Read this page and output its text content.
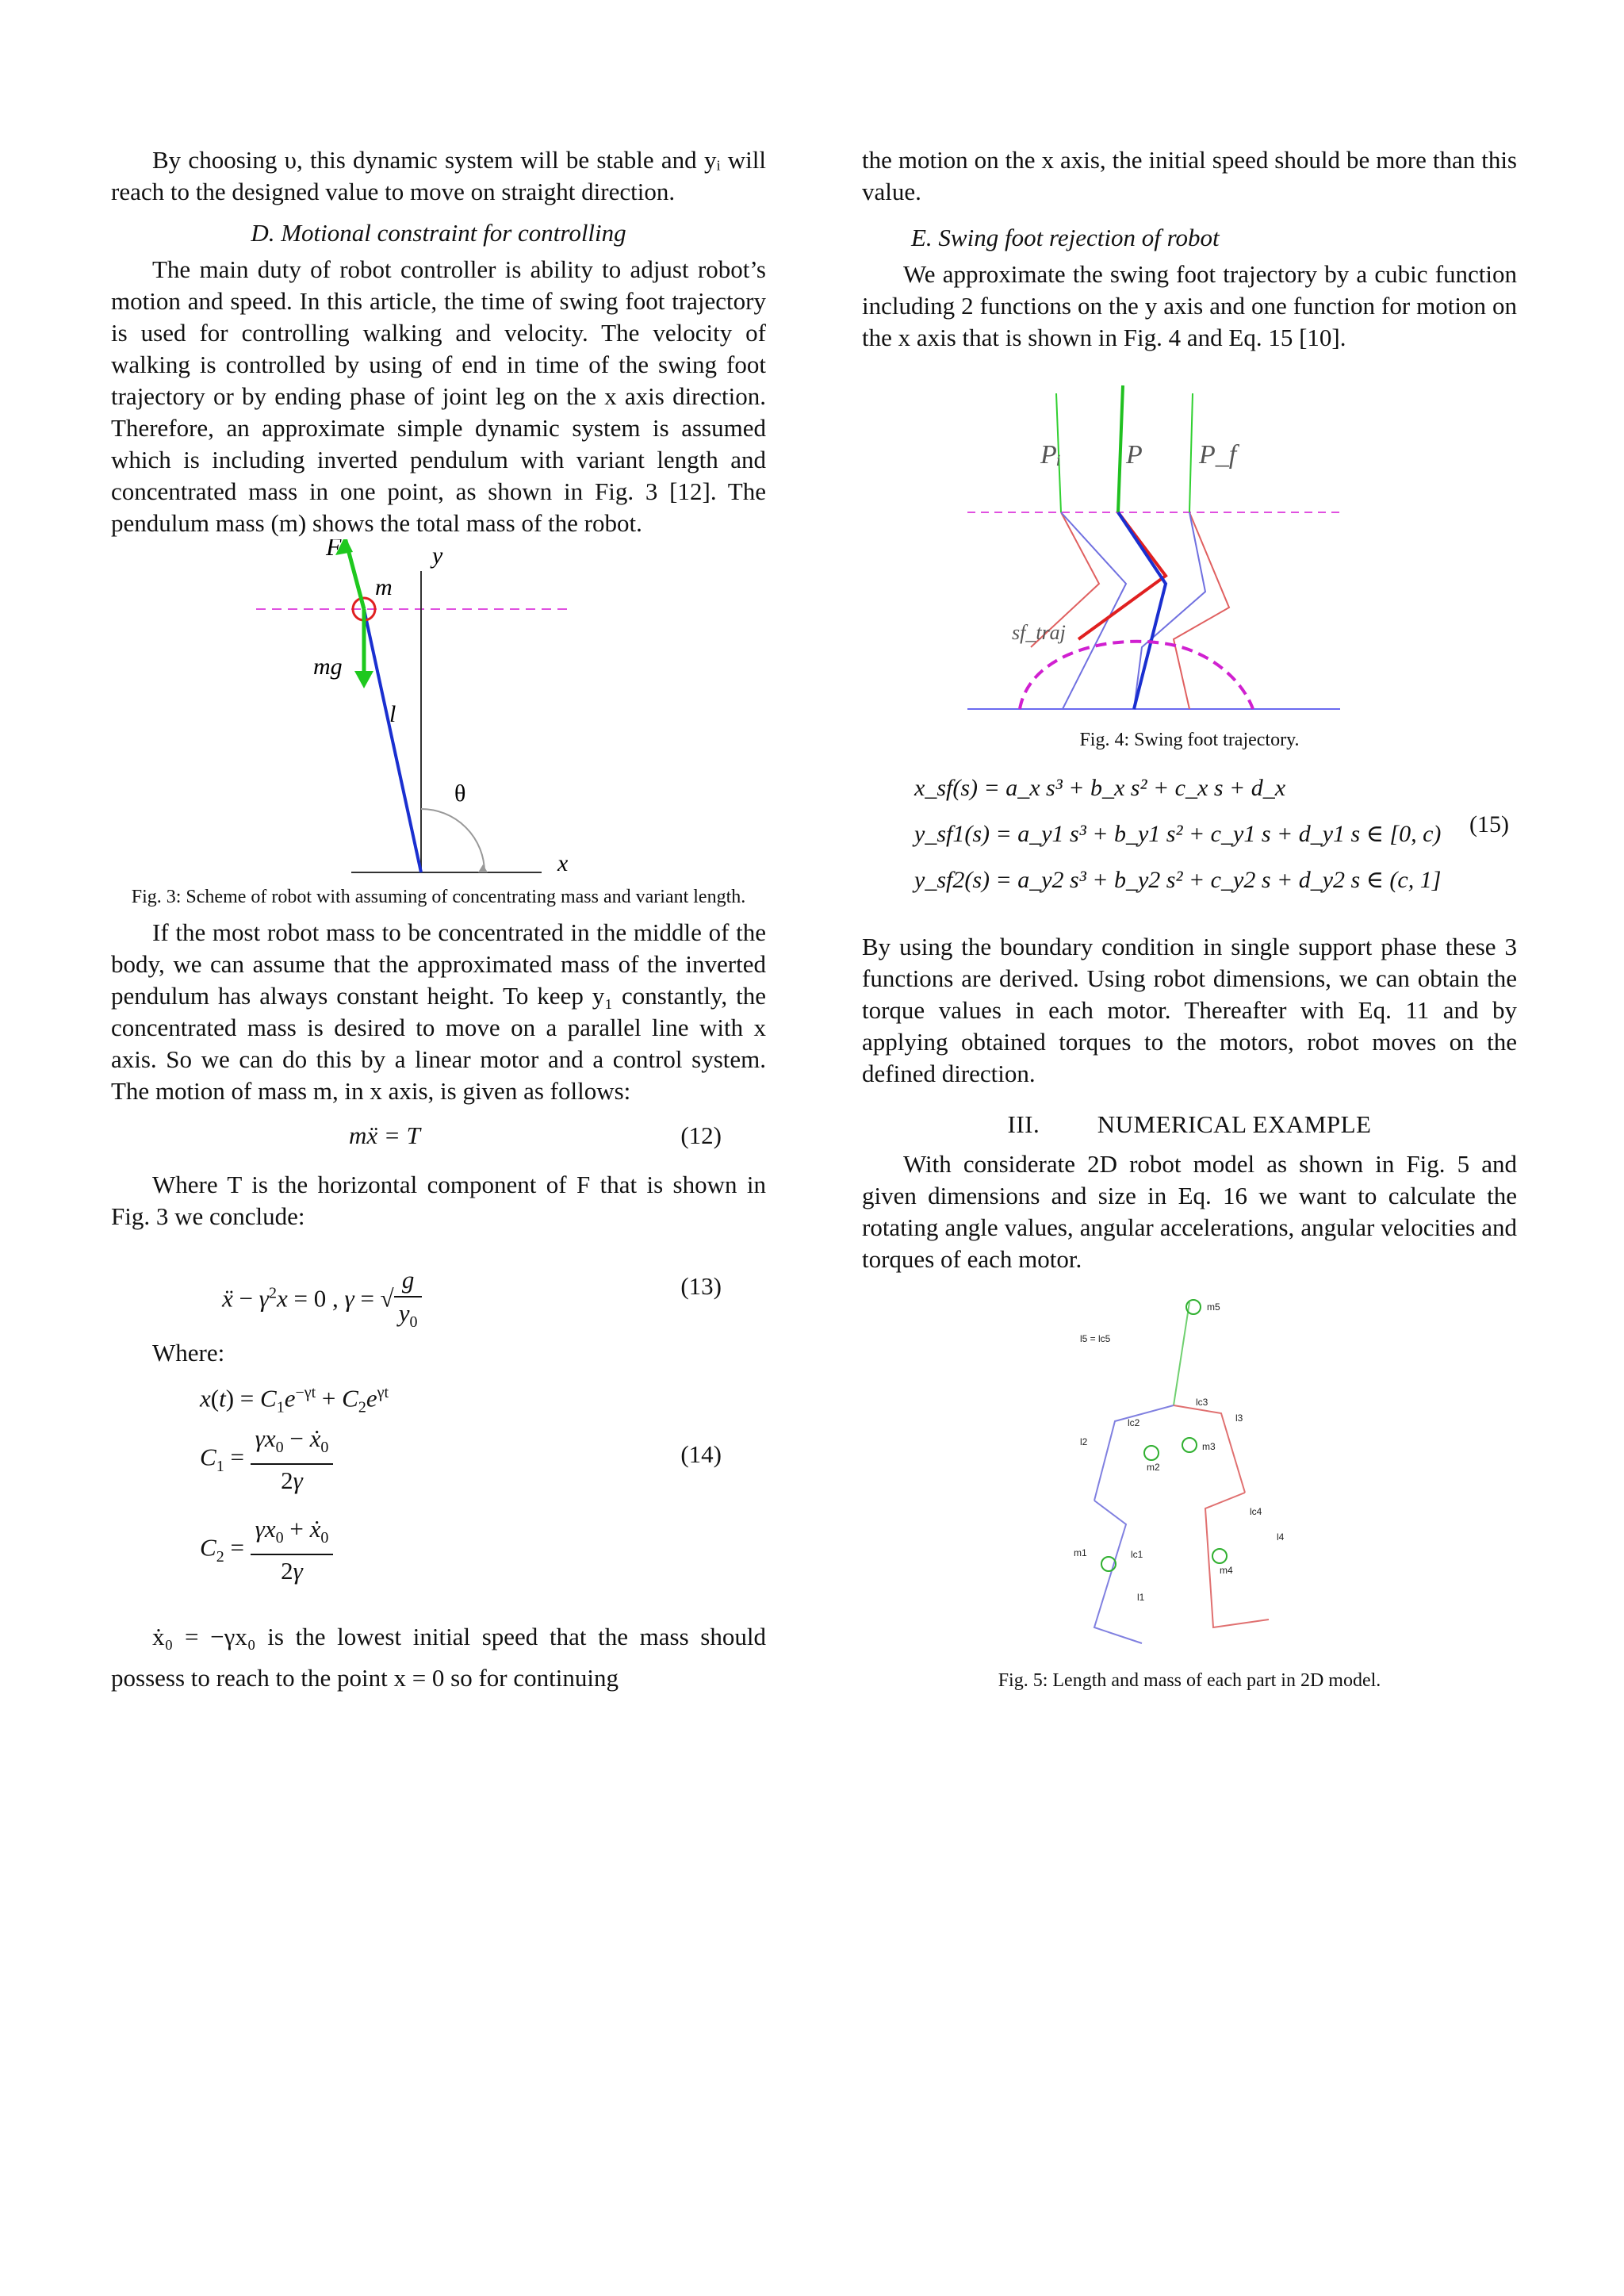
By choosing υ, this dynamic system will be stable and yᵢ will reach to the designed value to move on straight direction.

D. Motional constraint for controlling

The main duty of robot controller is ability to adjust robot’s motion and speed. In this article, the time of swing foot trajectory is used for controlling walking and velocity. The velocity of walking is controlled by using of end in time of the swing foot trajectory or by ending phase of joint leg on the x axis direction. Therefore, an approximate simple dynamic system is assumed which is including inverted pendulum with variant length and concentrated mass in one point, as shown in Fig. 3 [12]. The pendulum mass (m) shows the total mass of the robot.

F
m
y
mg
l
θ
x
Fig. 3: Scheme of robot with assuming of concentrating mass and variant length.

If the most robot mass to be concentrated in the middle of the body, we can assume that the approximated mass of the inverted pendulum has always constant height. To keep y₁ constantly, the concentrated mass is desired to move on a parallel line with x axis. So we can do this by a linear motor and a control system. The motion of mass m, in x axis, is given as follows:

mẍ = T	(12)

Where T is the horizontal component of F that is shown in Fig. 3 we conclude:

ẍ − $\gamma^2x = 0$ , γ = √ $\frac{g}{y_0}$	(13)

Where:

$x(t) = C_1e^{-\gamma t} + C_2e^{\gamma t}$
$C_1 = \frac{\gamma x_0 - ẋ_0}{2\gamma}$
$C_2 = \frac{\gamma x_0 + ẋ_0}{2\gamma}$
(14)

ẋ₀ = −γx₀ is the lowest initial speed that the mass should possess to reach to the point x = 0 so for continuing

the motion on the x axis, the initial speed should be more than this value.

E. Swing foot rejection of robot

We approximate the swing foot trajectory by a cubic function including 2 functions on the y axis and one function for motion on the x axis that is shown in Fig. 4 and Eq. 15 [10].

Pᵢ P P_f
sf_traj
Fig. 4: Swing foot trajectory.
x_sf(s) = a_x s³ + b_x s² + c_x s + d_x
y_sf1(s) = a_y1 s³ + b_y1 s² + c_y1 s + d_y1 s ∈ [0, c)
y_sf2(s) = a_y2 s³ + b_y2 s² + c_y2 s + d_y2 s ∈ (c, 1]
(15)

By using the boundary condition in single support phase these 3 functions are derived. Using robot dimensions, we can obtain the torque values in each motor. Thereafter with Eq. 11 and by applying obtained torques to the motors, robot moves on the defined direction.

III. NUMERICAL EXAMPLE

With considerate 2D robot model as shown in Fig. 5 and given dimensions and size in Eq. 16 we want to calculate the rotating angle values, angular accelerations, angular velocities and torques of each motor.

m5
l5 = lc5
lc3
l3
lc2
l2	m3
m2
lc4
l4
m1	lc1
m4
l1
Fig. 5: Length and mass of each part in 2D model.
